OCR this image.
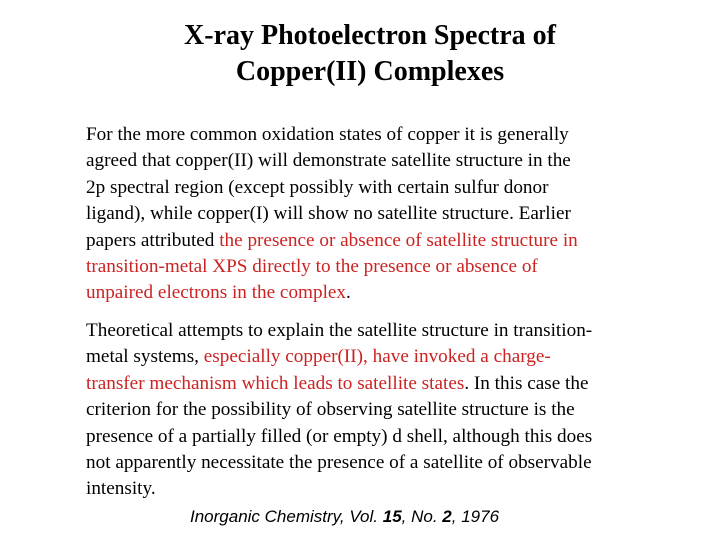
X-ray Photoelectron Spectra of
Copper(II) Complexes
For the more common oxidation states of copper it is generally
agreed that copper(II) will demonstrate satellite structure in the
2p spectral region (except possibly with certain sulfur donor
ligand), while copper(I) will show no satellite structure. Earlier
papers attributed the presence or absence of satellite structure in
transition-metal XPS directly to the presence or absence of
unpaired electrons in the complex.
Theoretical attempts to explain the satellite structure in transition-
metal systems, especially copper(II), have invoked a charge-
transfer mechanism which leads to satellite states. In this case the
criterion for the possibility of observing satellite structure is the
presence of a partially filled (or empty) d shell, although this does
not apparently necessitate the presence of a satellite of observable
intensity.
Inorganic Chemistry, Vol. 15, No. 2, 1976
